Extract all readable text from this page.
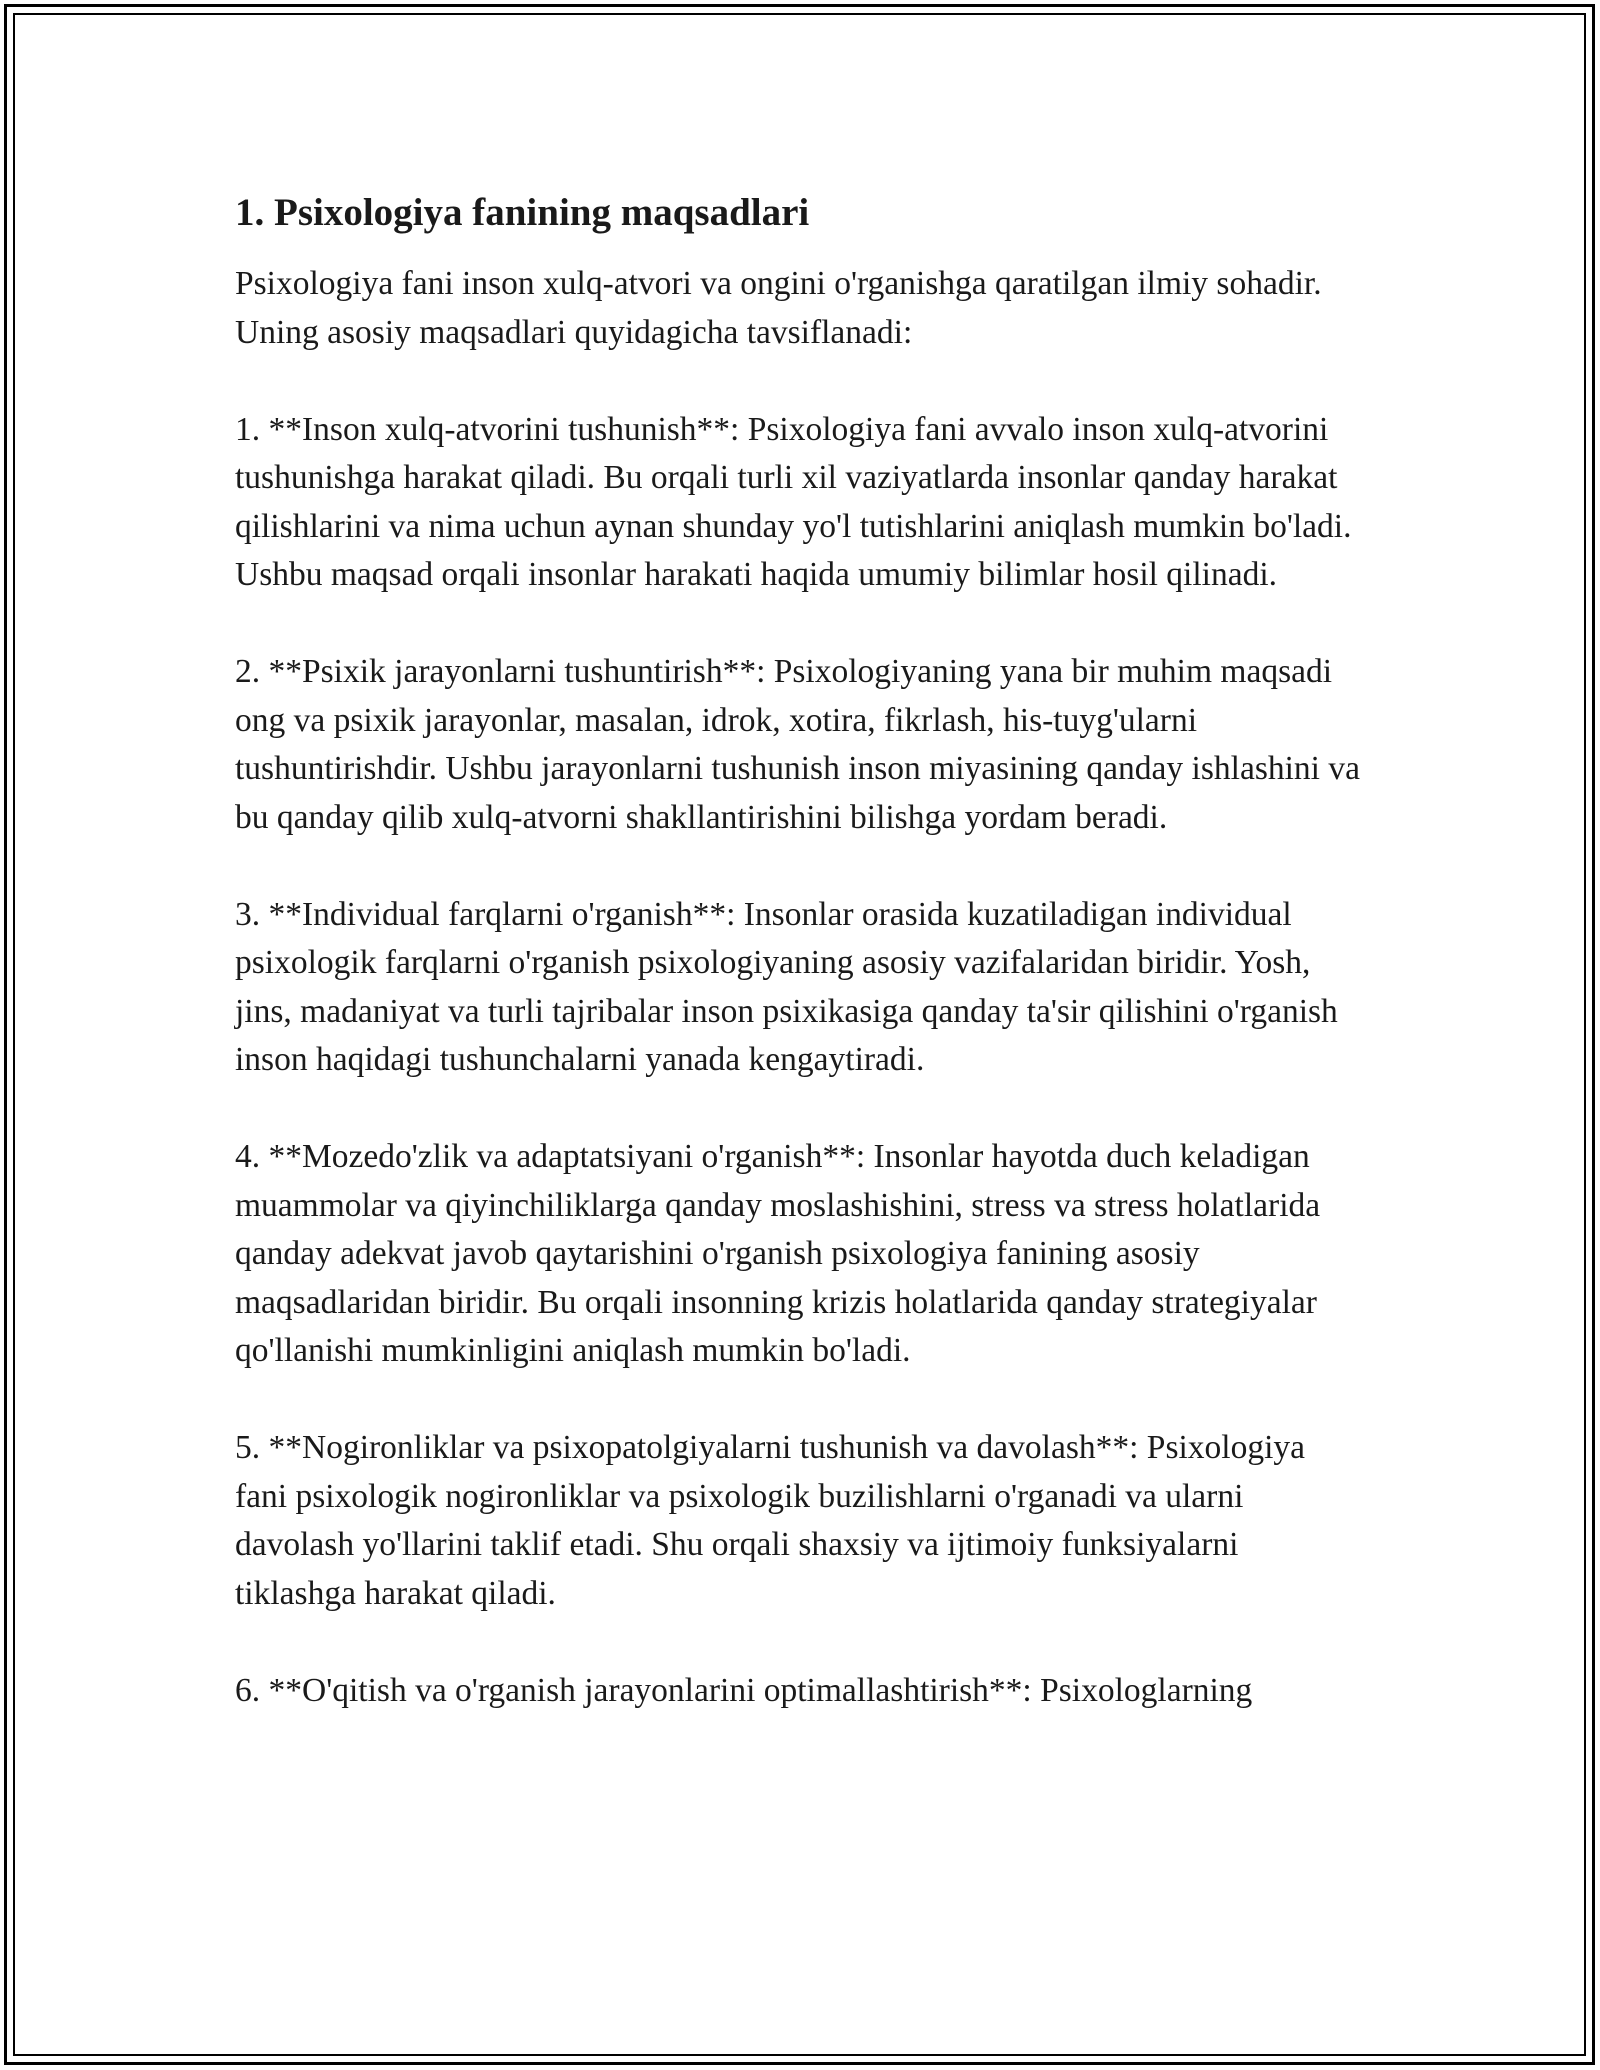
1. Psixologiya fanining maqsadlari

Psixologiya fani inson xulq-atvori va ongini o'rganishga qaratilgan ilmiy sohadir. Uning asosiy maqsadlari quyidagicha tavsiflanadi:

1. **Inson xulq-atvorini tushunish**: Psixologiya fani avvalo inson xulq-atvorini tushunishga harakat qiladi. Bu orqali turli xil vaziyatlarda insonlar qanday harakat qilishlarini va nima uchun aynan shunday yo'l tutishlarini aniqlash mumkin bo'ladi. Ushbu maqsad orqali insonlar harakati haqida umumiy bilimlar hosil qilinadi.

2. **Psixik jarayonlarni tushuntirish**: Psixologiyaning yana bir muhim maqsadi ong va psixik jarayonlar, masalan, idrok, xotira, fikrlash, his-tuyg'ularni tushuntirishdir. Ushbu jarayonlarni tushunish inson miyasining qanday ishlashini va bu qanday qilib xulq-atvorni shakllantirishini bilishga yordam beradi.

3. **Individual farqlarni o'rganish**: Insonlar orasida kuzatiladigan individual psixologik farqlarni o'rganish psixologiyaning asosiy vazifalaridan biridir. Yosh, jins, madaniyat va turli tajribalar inson psixikasiga qanday ta'sir qilishini o'rganish inson haqidagi tushunchalarni yanada kengaytiradi.

4. **Mozedo'zlik va adaptatsiyani o'rganish**: Insonlar hayotda duch keladigan muammolar va qiyinchiliklarga qanday moslashishini, stress va stress holatlarida qanday adekvat javob qaytarishini o'rganish psixologiya fanining asosiy maqsadlaridan biridir. Bu orqali insonning krizis holatlarida qanday strategiyalar qo'llanishi mumkinligini aniqlash mumkin bo'ladi.

5. **Nogironliklar va psixopatolgiyalarni tushunish va davolash**: Psixologiya fani psixologik nogironliklar va psixologik buzilishlarni o'rganadi va ularni davolash yo'llarini taklif etadi. Shu orqali shaxsiy va ijtimoiy funksiyalarni tiklashga harakat qiladi.

6. **O'qitish va o'rganish jarayonlarini optimallashtirish**: Psixologlarning
